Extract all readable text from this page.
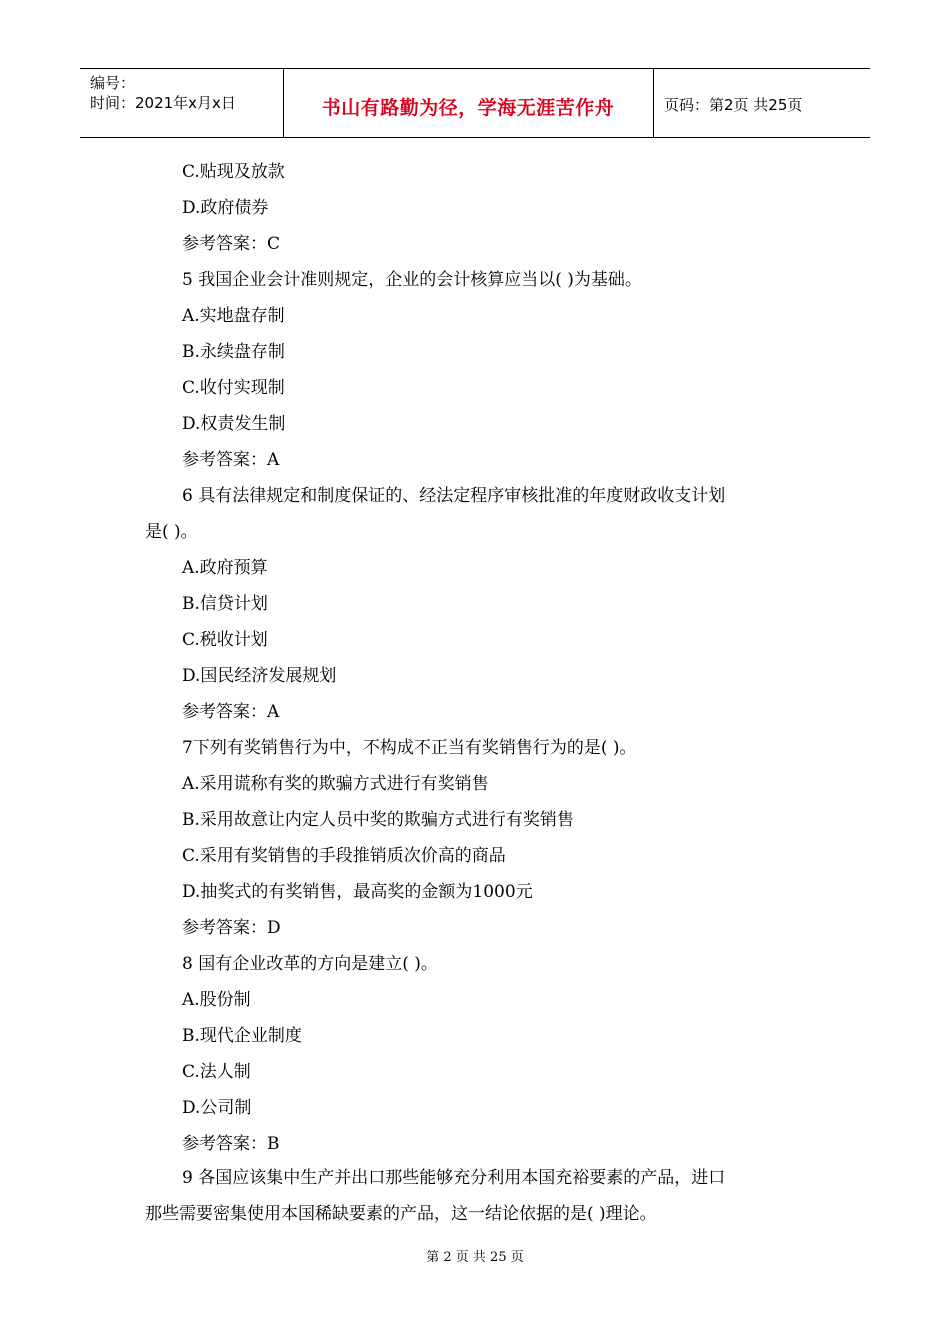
编号：
时间：2021年x月x日	书山有路勤为径，学海无涯苦作舟	页码：第2页 共25页
C.贴现及放款
D.政府债券
参考答案：C
5 我国企业会计准则规定，企业的会计核算应当以( )为基础。
A.实地盘存制
B.永续盘存制
C.收付实现制
D.权责发生制
参考答案：A
6 具有法律规定和制度保证的、经法定程序审核批准的年度财政收支计划
是( )。
A.政府预算
B.信贷计划
C.税收计划
D.国民经济发展规划
参考答案：A
7下列有奖销售行为中，不构成不正当有奖销售行为的是( )。
A.采用谎称有奖的欺骗方式进行有奖销售
B.采用故意让内定人员中奖的欺骗方式进行有奖销售
C.采用有奖销售的手段推销质次价高的商品
D.抽奖式的有奖销售，最高奖的金额为1000元
参考答案：D
8 国有企业改革的方向是建立( )。
A.股份制
B.现代企业制度
C.法人制
D.公司制
参考答案：B
9 各国应该集中生产并出口那些能够充分利用本国充裕要素的产品，进口
那些需要密集使用本国稀缺要素的产品，这一结论依据的是( )理论。
第 2 页 共 25 页
